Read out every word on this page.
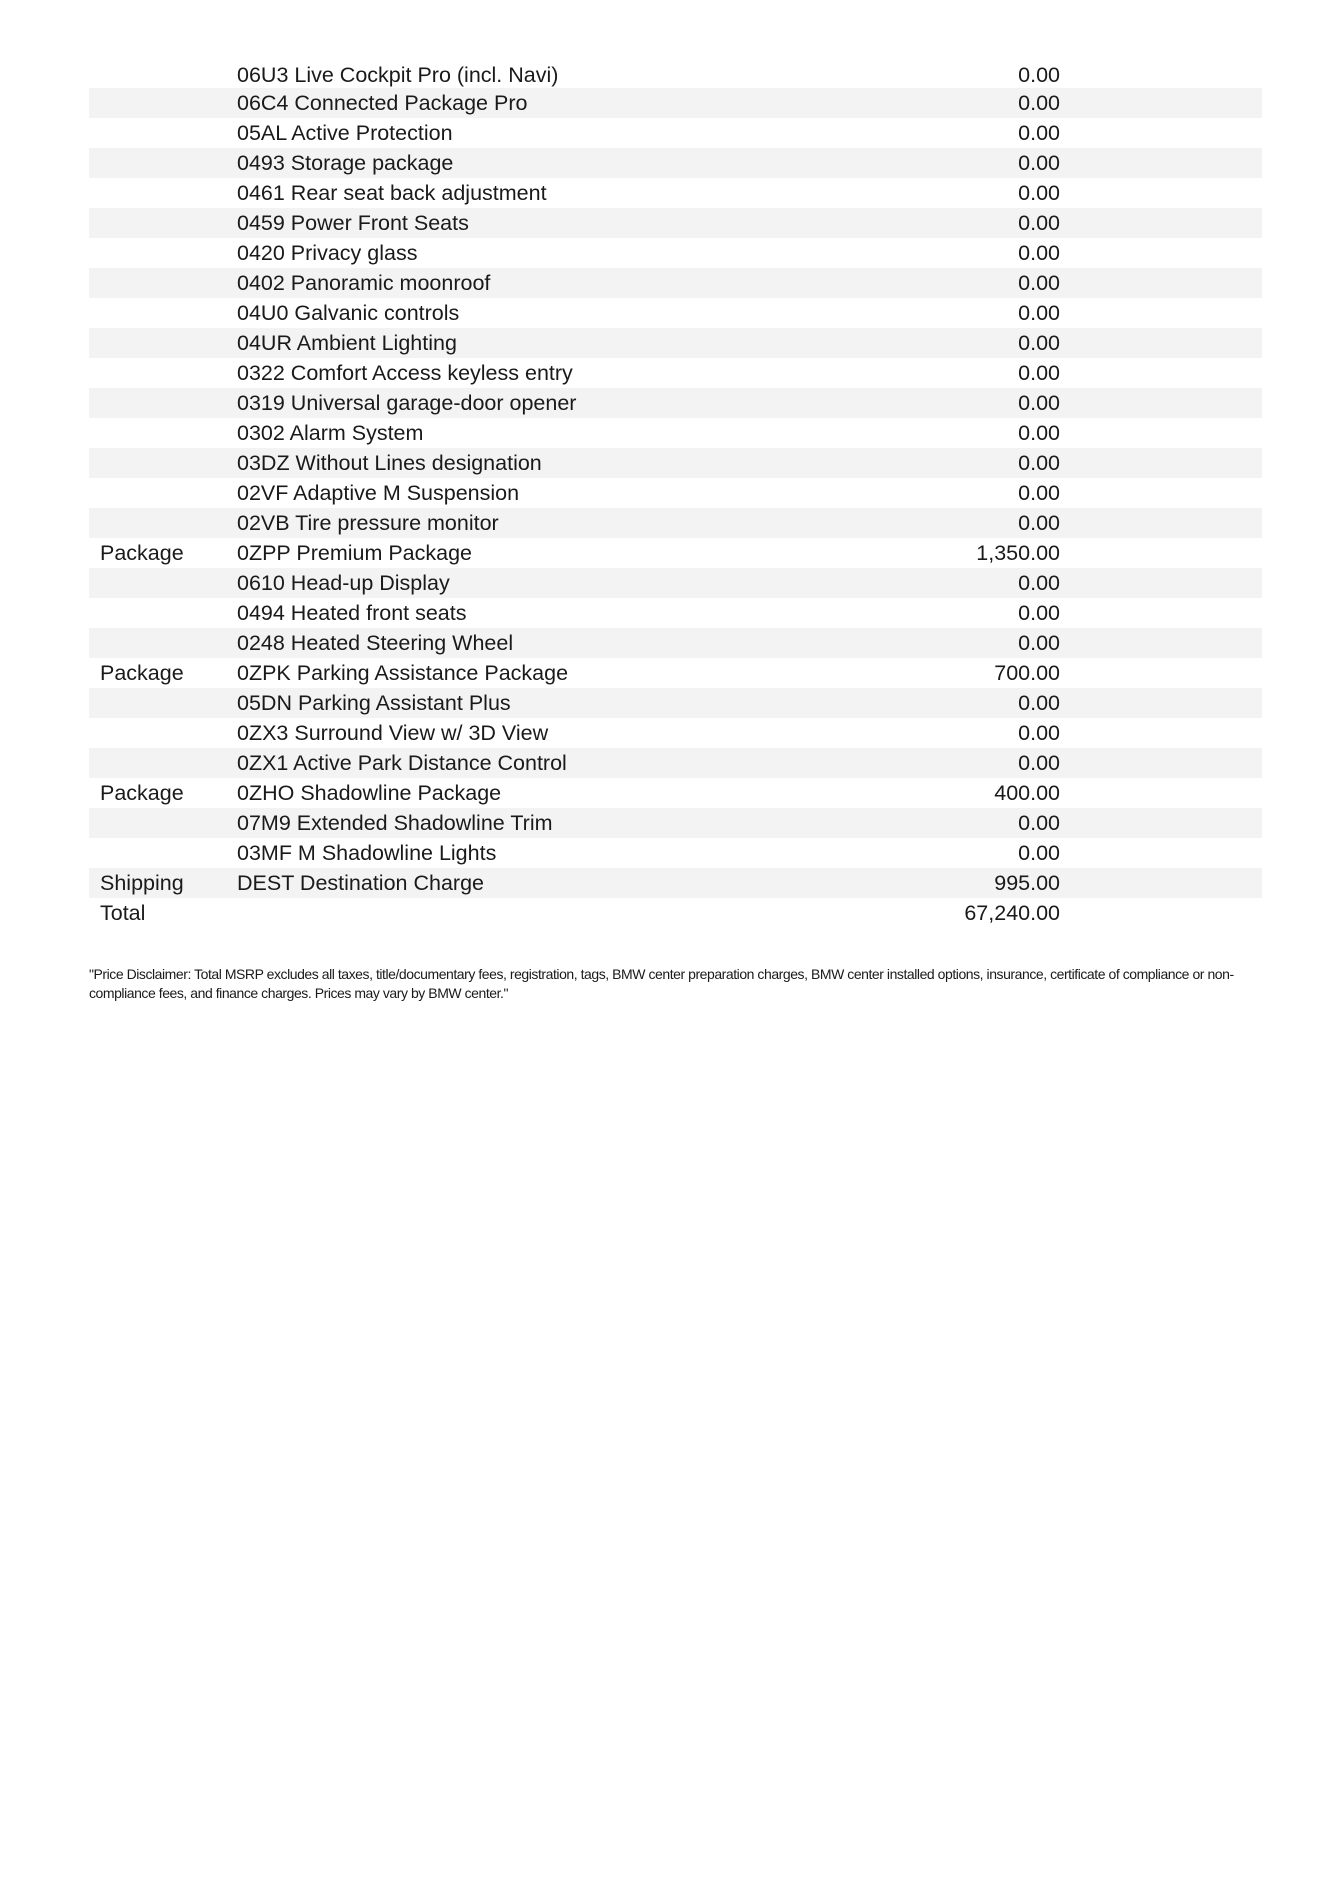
06U3 Live Cockpit Pro (incl. Navi)	0.00
06C4 Connected Package Pro	0.00
05AL Active Protection	0.00
0493 Storage package	0.00
0461 Rear seat back adjustment	0.00
0459 Power Front Seats	0.00
0420 Privacy glass	0.00
0402 Panoramic moonroof	0.00
04U0 Galvanic controls	0.00
04UR Ambient Lighting	0.00
0322 Comfort Access keyless entry	0.00
0319 Universal garage-door opener	0.00
0302 Alarm System	0.00
03DZ Without Lines designation	0.00
02VF Adaptive M Suspension	0.00
02VB Tire pressure monitor	0.00
Package 0ZPP Premium Package	1,350.00
0610 Head-up Display	0.00
0494 Heated front seats	0.00
0248 Heated Steering Wheel	0.00
Package 0ZPK Parking Assistance Package	700.00
05DN Parking Assistant Plus	0.00
0ZX3 Surround View w/ 3D View	0.00
0ZX1 Active Park Distance Control	0.00
Package 0ZHO Shadowline Package	400.00
07M9 Extended Shadowline Trim	0.00
03MF M Shadowline Lights	0.00
Shipping DEST Destination Charge	995.00
Total	67,240.00

"Price Disclaimer: Total MSRP excludes all taxes, title/documentary fees, registration, tags, BMW center preparation charges, BMW center installed options, insurance, certificate of compliance or non-compliance fees, and finance charges. Prices may vary by BMW center."
